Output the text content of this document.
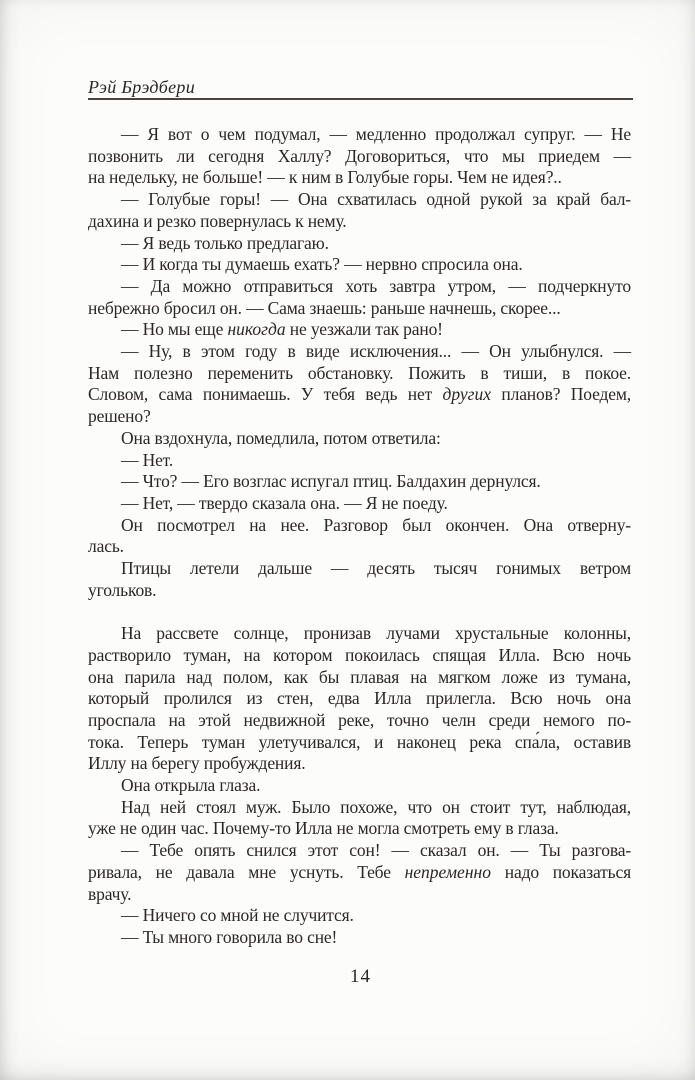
Рэй Брэдбери

— Я вот о чем подумал, — медленно продолжал супруг. — Не
позвонить ли сегодня Халлу? Договориться, что мы приедем —
на недельку, не больше! — к ним в Голубые горы. Чем не идея?..

— Голубые горы! — Она схватилась одной рукой за край бал-
дахина и резко повернулась к нему.

— Я ведь только предлагаю.

— И когда ты думаешь ехать? — нервно спросила она.

— Да можно отправиться хоть завтра утром, — подчеркнуто
небрежно бросил он. — Сама знаешь: раньше начнешь, скорее...

— Но мы еще никогда не уезжали так рано!

— Ну, в этом году в виде исключения... — Он улыбнулся. —
Нам полезно переменить обстановку. Пожить в тиши, в покое.
Словом, сама понимаешь. У тебя ведь нет других планов? Поедем,
решено?

Она вздохнула, помедлила, потом ответила:

— Нет.

— Что? — Его возглас испугал птиц. Балдахин дернулся.

— Нет, — твердо сказала она. — Я не поеду.

Он посмотрел на нее. Разговор был окончен. Она отверну-
лась.

Птицы летели дальше — десять тысяч гонимых ветром
угольков.

На рассвете солнце, пронизав лучами хрустальные колонны,
растворило туман, на котором покоилась спящая Илла. Всю ночь
она парила над полом, как бы плавая на мягком ложе из тумана,
который пролился из стен, едва Илла прилегла. Всю ночь она
проспала на этой недвижной реке, точно челн среди немого по-
тока. Теперь туман улетучивался, и наконец река спа́ла, оставив
Иллу на берегу пробуждения.

Она открыла глаза.

Над ней стоял муж. Было похоже, что он стоит тут, наблюдая,
уже не один час. Почему-то Илла не могла смотреть ему в глаза.

— Тебе опять снился этот сон! — сказал он. — Ты разгова-
ривала, не давала мне уснуть. Тебе непременно надо показаться
врачу.

— Ничего со мной не случится.

— Ты много говорила во сне!

14
